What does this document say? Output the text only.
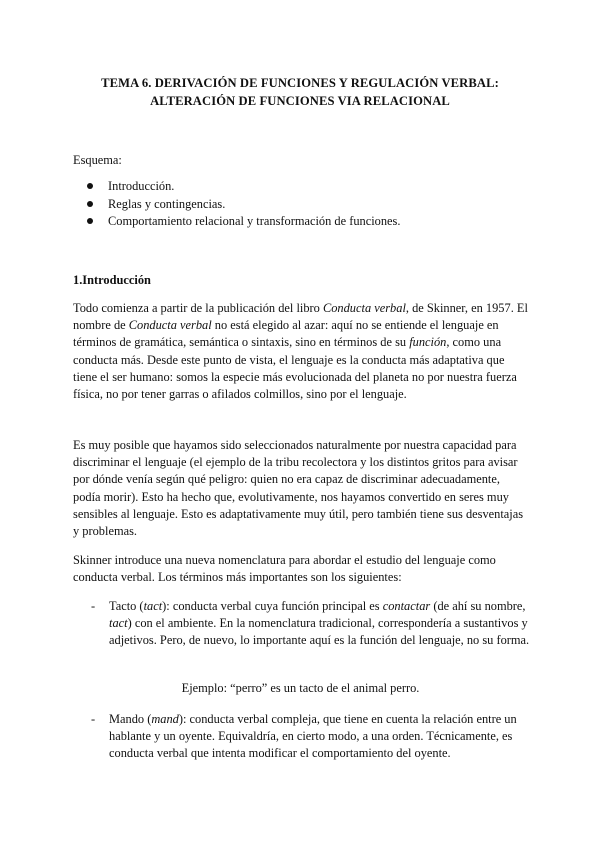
TEMA 6. DERIVACIÓN DE FUNCIONES Y REGULACIÓN VERBAL:
ALTERACIÓN DE FUNCIONES VIA RELACIONAL
Esquema:
Introducción.
Reglas y contingencias.
Comportamiento relacional y transformación de funciones.
1.Introducción
Todo comienza a partir de la publicación del libro Conducta verbal, de Skinner, en 1957. El nombre de Conducta verbal no está elegido al azar: aquí no se entiende el lenguaje en términos de gramática, semántica o sintaxis, sino en términos de su función, como una conducta más. Desde este punto de vista, el lenguaje es la conducta más adaptativa que tiene el ser humano: somos la especie más evolucionada del planeta no por nuestra fuerza física, no por tener garras o afilados colmillos, sino por el lenguaje.
Es muy posible que hayamos sido seleccionados naturalmente por nuestra capacidad para discriminar el lenguaje (el ejemplo de la tribu recolectora y los distintos gritos para avisar por dónde venía según qué peligro: quien no era capaz de discriminar adecuadamente, podía morir). Esto ha hecho que, evolutivamente, nos hayamos convertido en seres muy sensibles al lenguaje. Esto es adaptativamente muy útil, pero también tiene sus desventajas y problemas.
Skinner introduce una nueva nomenclatura para abordar el estudio del lenguaje como conducta verbal. Los términos más importantes son los siguientes:
- Tacto (tact): conducta verbal cuya función principal es contactar (de ahí su nombre, tact) con el ambiente. En la nomenclatura tradicional, correspondería a sustantivos y adjetivos. Pero, de nuevo, lo importante aquí es la función del lenguaje, no su forma.
Ejemplo: “perro” es un tacto de el animal perro.
- Mando (mand): conducta verbal compleja, que tiene en cuenta la relación entre un hablante y un oyente. Equivaldría, en cierto modo, a una orden. Técnicamente, es conducta verbal que intenta modificar el comportamiento del oyente.
